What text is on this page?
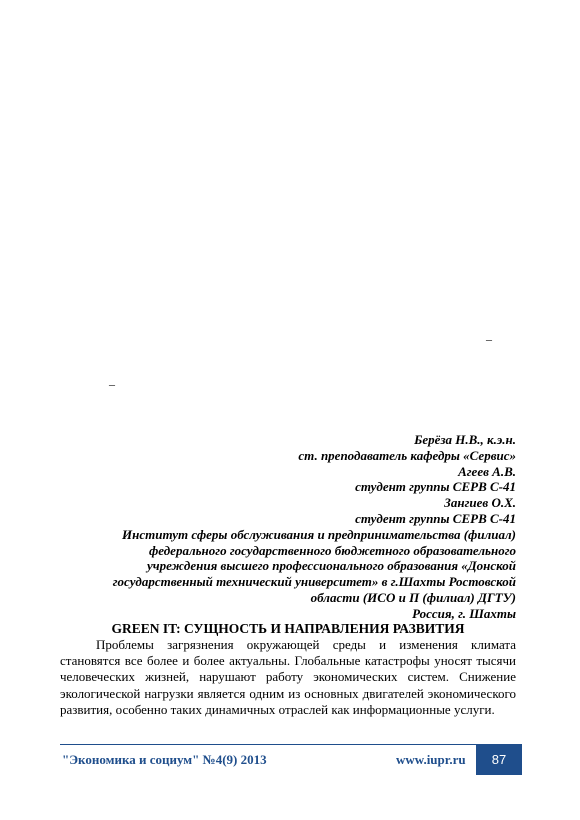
–
–
Берёза Н.В., к.э.н.
ст. преподаватель кафедры «Сервис»
Агеев А.В.
студент группы СЕРВ С-41
Зангиев О.Х.
студент группы СЕРВ С-41
Институт сферы обслуживания и предпринимательства (филиал)
федерального государственного бюджетного образовательного
учреждения высшего профессионального образования «Донской
государственный технический университет» в г.Шахты Ростовской
области (ИСО и П (филиал) ДГТУ)
Россия, г. Шахты
GREEN IT: СУЩНОСТЬ И НАПРАВЛЕНИЯ РАЗВИТИЯ

Проблемы загрязнения окружающей среды и изменения климата становятся все более и более актуальны. Глобальные катастрофы уносят тысячи человеческих жизней, нарушают работу экономических систем. Снижение экологической нагрузки является одним из основных двигателей экономического развития, особенно таких динамичных отраслей как информационные услуги.

"Экономика и социум" №4(9) 2013	www.iupr.ru	87
